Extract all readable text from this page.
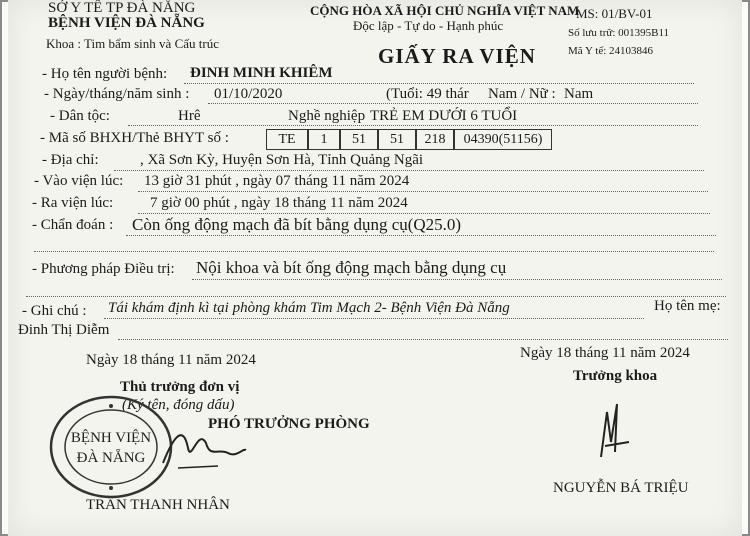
SỞ Y TẾ TP ĐÀ NẴNG
BỆNH VIỆN ĐÀ NẴNG
Khoa : Tim bẩm sinh và Cấu trúc
CỘNG HÒA XÃ HỘI CHỦ NGHĨA VIỆT NAM
Độc lập - Tự do - Hạnh phúc
MS: 01/BV-01
Số lưu trữ: 001395B11
Mã Y tế: 24103846
GIẤY RA VIỆN
- Họ tên người bệnh: ĐINH MINH KHIÊM
- Ngày/tháng/năm sinh : 01/10/2020	(Tuổi: 49 thár Nam / Nữ : Nam
- Dân tộc:	Hrê	Nghề nghiệp TRẺ EM DƯỚI 6 TUỔI
- Mã số BHXH/Thẻ BHYT số :	TE	1	51	51	218	04390(51156)
- Địa chỉ:	, Xã Sơn Kỳ, Huyện Sơn Hà, Tỉnh Quảng Ngãi
- Vào viện lúc: 13 giờ 31 phút , ngày 07 tháng 11 năm 2024
- Ra viện lúc: 7 giờ 00 phút , ngày 18 tháng 11 năm 2024
- Chẩn đoán : Còn ống động mạch đã bít bằng dụng cụ(Q25.0)
- Phương pháp Điều trị: Nội khoa và bít ống động mạch bằng dụng cụ
- Ghi chú : Tái khám định kì tại phòng khám Tim Mạch 2- Bệnh Viện Đà Nẵng	Họ tên mẹ:
Đinh Thị Diễm
Ngày 18 tháng 11 năm 2024
Thủ trưởng đơn vị
(Ký tên, đóng dấu)
PHÓ TRƯỞNG PHÒNG
TRẦN THANH NHÂN
BỆNH VIỆN
ĐÀ NẴNG
Ngày 18 tháng 11 năm 2024
Trưởng khoa
NGUYỄN BÁ TRIỆU
